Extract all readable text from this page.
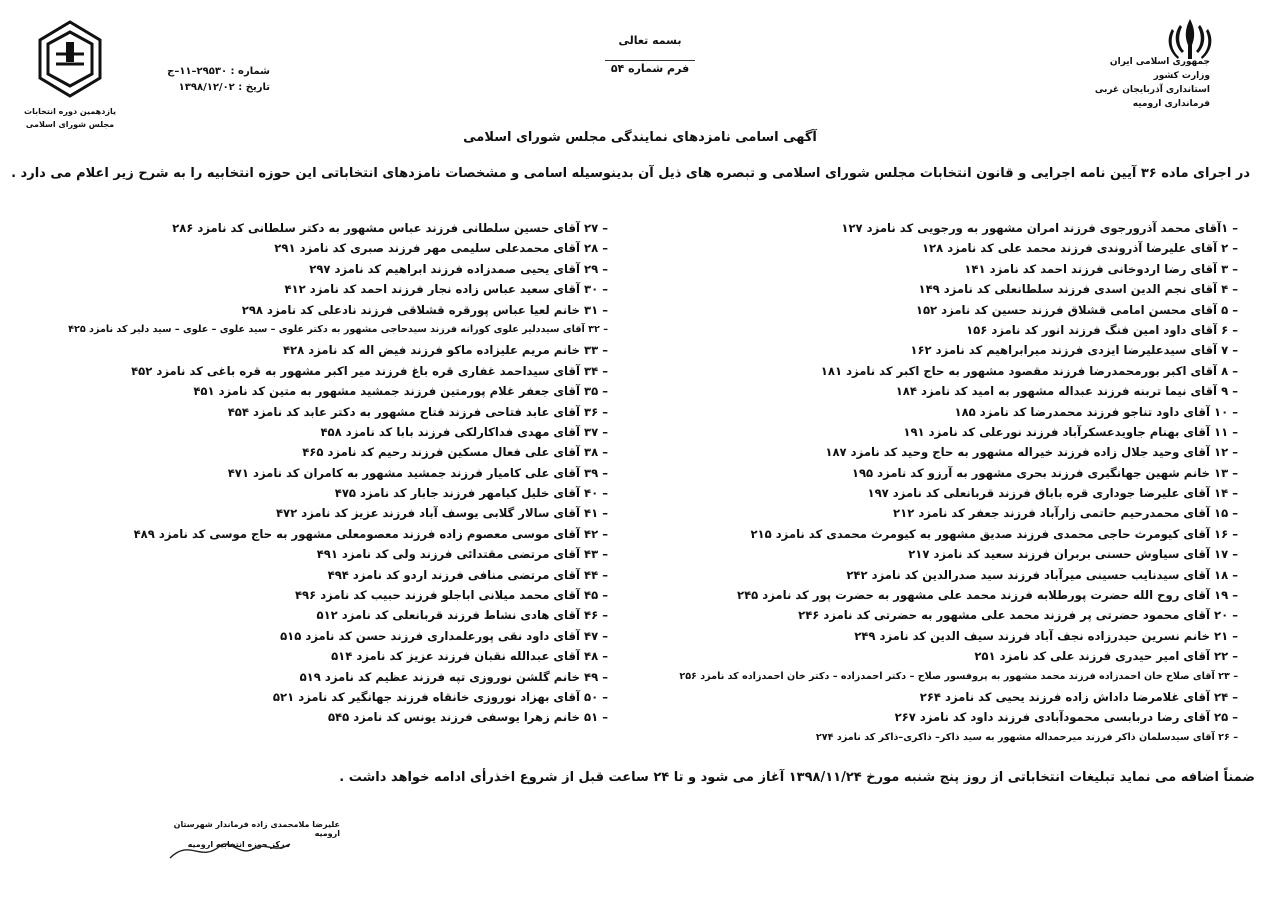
بسمه تعالی
فرم شماره ۵۴
شماره : ۲۹۵۳۰–۱۱–ج
تاریخ : ۱۳۹۸/۱۲/۰۲
جمهوری اسلامی ایران
وزارت کشور
استانداری آذربایجان غربی
فرمانداری ارومیه
یازدهمین دوره انتخابات
مجلس شورای اسلامی
آگهی اسامی نامزدهای نمایندگی مجلس شورای اسلامی
در اجرای ماده ۳۶ آیین نامه اجرایی و قانون انتخابات مجلس شورای اسلامی و تبصره های ذیل آن بدینوسیله اسامی و مشخصات نامزدهای انتخاباتی این حوزه انتخابیه را به شرح زیر اعلام می دارد .
– ۱آقای محمد آذرورجوی فرزند امران مشهور به ورجویی کد نامزد ۱۲۷
– ۲ آقای علیرضا آذروندی فرزند محمد علی کد نامزد ۱۲۸
– ۳ آقای رضا اردوخانی فرزند احمد کد نامزد ۱۴۱
– ۴ آقای نجم الدین اسدی فرزند سلطانعلی کد نامزد ۱۴۹
– ۵ آقای محسن امامی قشلاق فرزند حسین کد نامزد ۱۵۲
– ۶ آقای داود امین فنگ فرزند انور کد نامزد ۱۵۶
– ۷ آقای سیدعلیرضا ایزدی فرزند میرابراهیم کد نامزد ۱۶۲
– ۸ آقای اکبر بورمحمدرضا فرزند مقصود مشهور به حاج اکبر کد نامزد ۱۸۱
– ۹ آقای نیما تربنه فرزند عبداله مشهور به امید کد نامزد ۱۸۴
– ۱۰ آقای داود تناجو فرزند محمدرضا کد نامزد ۱۸۵
– ۱۱ آقای بهنام جاویدعسکرآباد فرزند نورعلی کد نامزد ۱۹۱
– ۱۲ آقای وحید جلال زاده فرزند خیراله مشهور به حاج وحید کد نامزد ۱۸۷
– ۱۳ خانم شهین جهانگیری فرزند بحری مشهور به آرزو کد نامزد ۱۹۵
– ۱۴ آقای علیرضا جوداری قره باباق فرزند قربانعلی کد نامزد ۱۹۷
– ۱۵ آقای محمدرحیم حاتمی زارآباد فرزند جعفر کد نامزد ۲۱۲
– ۱۶ آقای کیومرث حاجی محمدی فرزند صدیق مشهور به کیومرث محمدی کد نامزد ۲۱۵
– ۱۷ آقای سیاوش حسنی بربران فرزند سعید کد نامزد ۲۱۷
– ۱۸ آقای سیدنایب حسینی میرآباد فرزند سید صدرالدین کد نامزد ۲۴۲
– ۱۹ آقای روح الله حضرت پورطلابه فرزند محمد علی مشهور به حضرت پور کد نامزد ۲۴۵
– ۲۰ آقای محمود حضرتی پر فرزند محمد علی مشهور به حضرتی کد نامزد ۲۴۶
– ۲۱ خانم نسرین حیدرزاده نجف آباد فرزند سیف الدین کد نامزد ۲۴۹
– ۲۲ آقای امیر حیدری فرزند علی کد نامزد ۲۵۱
– ۲۳ آقای صلاح خان احمدزاده فرزند محمد مشهور به پروفسور صلاح – دکتر احمدزاده – دکتر خان احمدزاده کد نامزد ۲۵۶
– ۲۴ آقای غلامرضا داداش زاده فرزند یحیی کد نامزد ۲۶۴
– ۲۵ آقای رضا دربابسی محمودآبادی فرزند داود کد نامزد ۲۶۷
– ۲۶ آقای سیدسلمان ذاکر فرزند میرحمداله مشهور به سید ذاکر– ذاکری–ذاکر کد نامزد ۲۷۴
– ۲۷ آقای حسین سلطانی فرزند عباس مشهور به دکتر سلطانی کد نامزد ۲۸۶
– ۲۸ آقای محمدعلی سلیمی مهر فرزند صبری کد نامزد ۲۹۱
– ۲۹ آقای یحیی صمدزاده فرزند ابراهیم کد نامزد ۲۹۷
– ۳۰ آقای سعید عباس زاده نجار فرزند احمد کد نامزد ۴۱۲
– ۳۱ خانم لعیا عباس پورقره قشلاقی فرزند نادعلی کد نامزد ۲۹۸
– ۳۲ آقای سیددلیر علوی کورانه فرزند سیدحاجی مشهور به دکتر علوی – سید علوی – علوی – سید دلیر کد نامزد ۴۲۵
– ۳۳ خانم مریم علیزاده ماکو فرزند فیض اله کد نامزد ۴۲۸
– ۳۴ آقای سیداحمد غفاری قره باغ فرزند میر اکبر مشهور به قره باغی کد نامزد ۴۵۲
– ۳۵ آقای جعفر غلام پورمتین فرزند جمشید مشهور به متین کد نامزد ۴۵۱
– ۳۶ آقای عابد فتاحی فرزند فتاح مشهور به دکتر عابد کد نامزد ۴۵۴
– ۳۷ آقای مهدی فداکارلکی فرزند بابا کد نامزد ۴۵۸
– ۳۸ آقای علی فعال مسکین فرزند رحیم کد نامزد ۴۶۵
– ۳۹ آقای علی کامیار فرزند جمشید مشهور به کامران کد نامزد ۴۷۱
– ۴۰ آقای خلیل کیامهر فرزند جابار کد نامزد ۴۷۵
– ۴۱ آقای سالار گلابی یوسف آباد فرزند عزیز کد نامزد ۴۷۲
– ۴۲ آقای موسی معصوم زاده فرزند معصومعلی مشهور به حاج موسی کد نامزد ۴۸۹
– ۴۳ آقای مرتضی مقتدائی فرزند ولی کد نامزد ۴۹۱
– ۴۴ آقای مرتضی منافی فرزند اردو کد نامزد ۴۹۴
– ۴۵ آقای محمد میلانی اباجلو فرزند حبیب کد نامزد ۴۹۶
– ۴۶ آقای هادی نشاط فرزند قربانعلی کد نامزد ۵۱۲
– ۴۷ آقای داود نقی پورعلمداری فرزند حسن کد نامزد ۵۱۵
– ۴۸ آقای عبدالله نقبان فرزند عزیز کد نامزد ۵۱۴
– ۴۹ خانم گلشن نوروزی تپه فرزند عظیم کد نامزد ۵۱۹
– ۵۰ آقای بهزاد نوروزی خانقاه فرزند جهانگیر کد نامزد ۵۲۱
– ۵۱ خانم زهرا یوسفی فرزند یونس کد نامزد ۵۴۵
ضمناً اضافه می نماید تبلیغات انتخاباتی از روز پنج شنبه مورخ ۱۳۹۸/۱۱/۲۴ آغاز می شود و تا ۲۴ ساعت قبل از شروع اخذرأی ادامه خواهد داشت .
علیرضا ملامحمدی زاده فرماندار شهرستان ارومیه
مرکز حوزه انتخابیه ارومیه
